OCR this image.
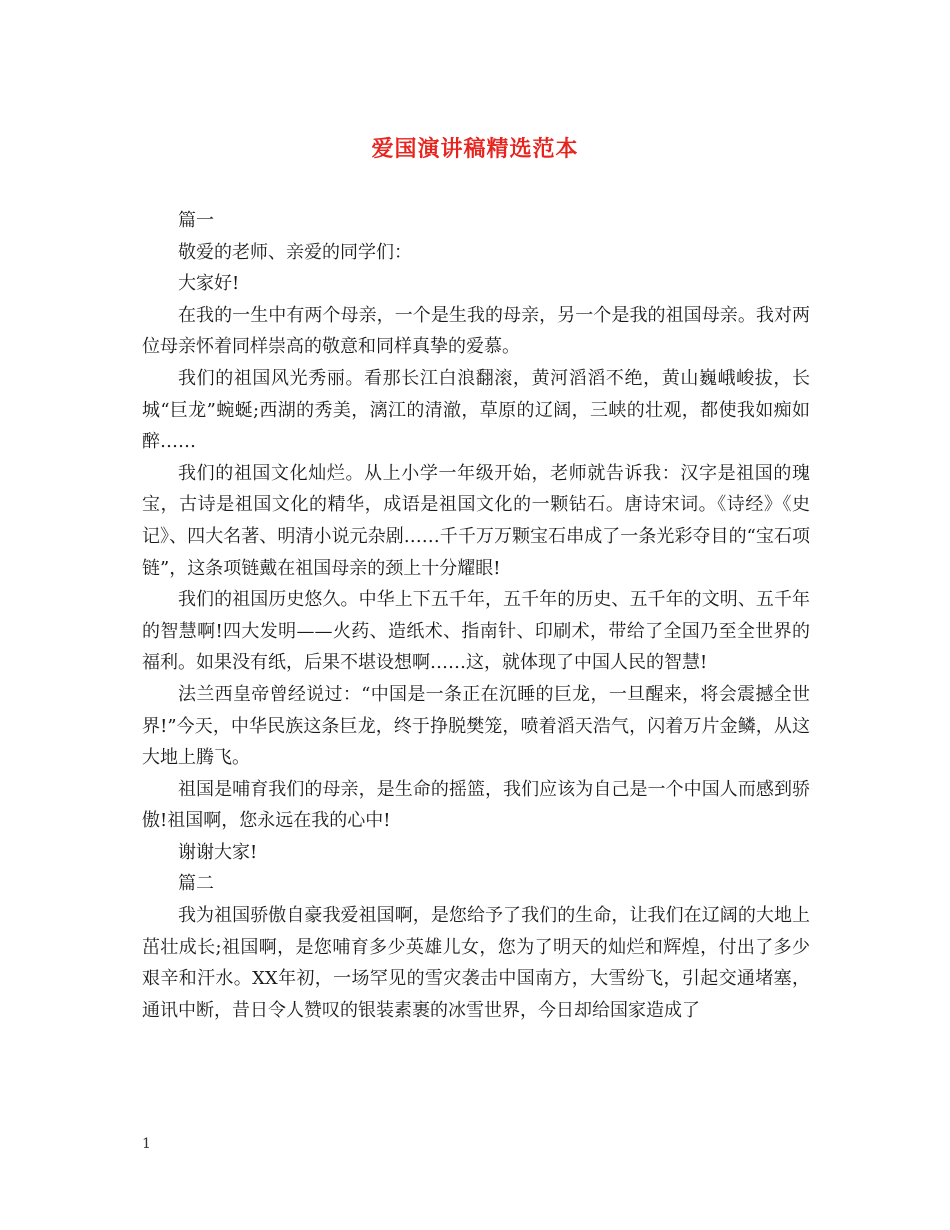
爱国演讲稿精选范本

篇一

敬爱的老师、亲爱的同学们：

大家好!

在我的一生中有两个母亲，一个是生我的母亲，另一个是我的祖国母亲。我对两位母亲怀着同样崇高的敬意和同样真挚的爱慕。

我们的祖国风光秀丽。看那长江白浪翻滚，黄河滔滔不绝，黄山巍峨峻拔，长城“巨龙”蜿蜒;西湖的秀美，漓江的清澈，草原的辽阔，三峡的壮观，都使我如痴如醉……

我们的祖国文化灿烂。从上小学一年级开始，老师就告诉我：汉字是祖国的瑰宝，古诗是祖国文化的精华，成语是祖国文化的一颗钻石。唐诗宋词。《诗经》《史记》、四大名著、明清小说元杂剧……千千万万颗宝石串成了一条光彩夺目的“宝石项链”，这条项链戴在祖国母亲的颈上十分耀眼!

我们的祖国历史悠久。中华上下五千年，五千年的历史、五千年的文明、五千年的智慧啊!四大发明——火药、造纸术、指南针、印刷术，带给了全国乃至全世界的福利。如果没有纸，后果不堪设想啊……这，就体现了中国人民的智慧!

法兰西皇帝曾经说过：“中国是一条正在沉睡的巨龙，一旦醒来，将会震撼全世界!”今天，中华民族这条巨龙，终于挣脱樊笼，喷着滔天浩气，闪着万片金鳞，从这大地上腾飞。

祖国是哺育我们的母亲，是生命的摇篮，我们应该为自己是一个中国人而感到骄傲!祖国啊，您永远在我的心中!

谢谢大家!

篇二

我为祖国骄傲自豪我爱祖国啊，是您给予了我们的生命，让我们在辽阔的大地上茁壮成长;祖国啊，是您哺育多少英雄儿女，您为了明天的灿烂和辉煌，付出了多少艰辛和汗水。XX年初，一场罕见的雪灾袭击中国南方，大雪纷飞，引起交通堵塞，通讯中断，昔日令人赞叹的银装素裹的冰雪世界，今日却给国家造成了

1
